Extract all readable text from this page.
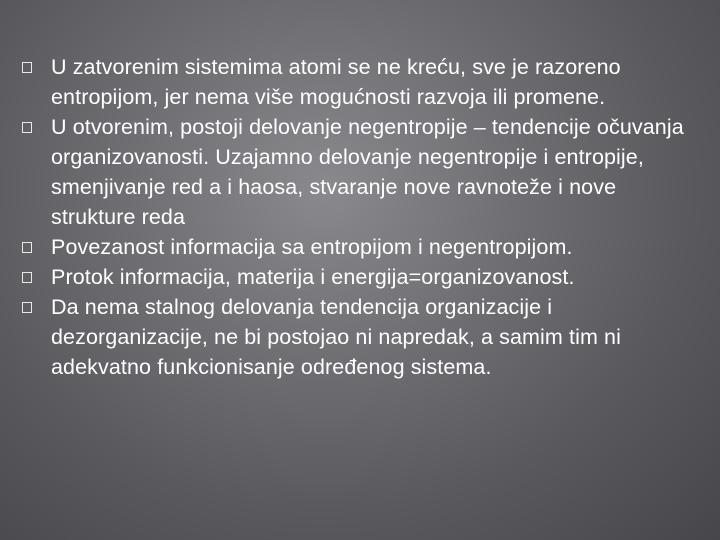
U zatvorenim sistemima atomi se ne kreću, sve je razoreno entropijom, jer nema više mogućnosti razvoja ili promene.
U otvorenim, postoji delovanje negentropije – tendencije očuvanja organizovanosti. Uzajamno delovanje negentropije i entropije, smenjivanje red a i haosa, stvaranje nove ravnoteže i nove strukture reda
Povezanost informacija sa entropijom i negentropijom.
Protok informacija, materija i energija=organizovanost.
Da nema stalnog delovanja tendencija organizacije i dezorganizacije, ne bi postojao ni napredak, a samim tim ni adekvatno funkcionisanje određenog sistema.
